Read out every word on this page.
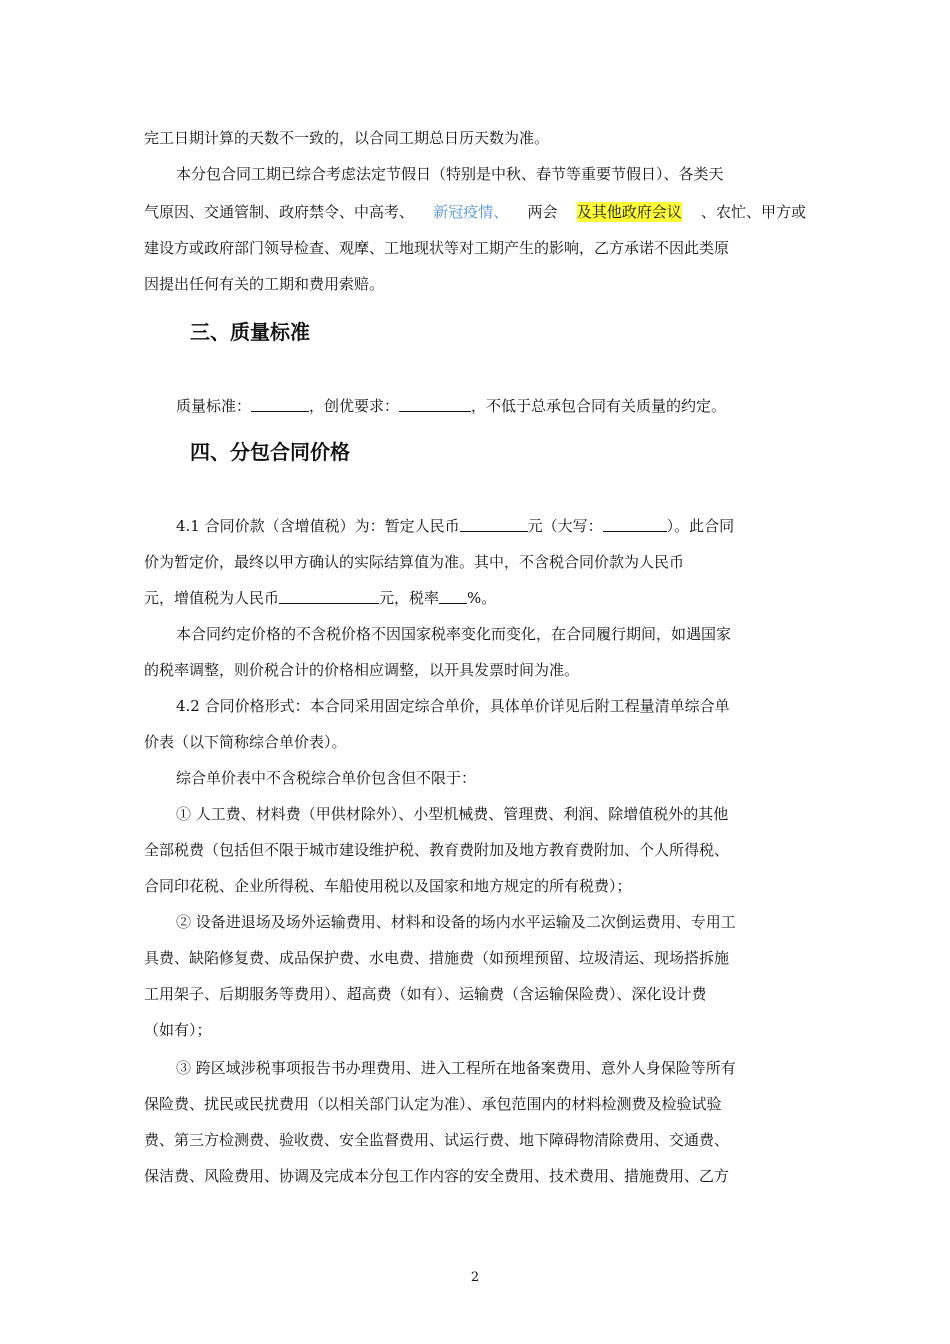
完工日期计算的天数不一致的，以合同工期总日历天数为准。
本分包合同工期已综合考虑法定节假日（特别是中秋、春节等重要节假日）、各类天
气原因、交通管制、政府禁令、中高考、 新冠疫情、 两会 及其他政府会议 、农忙、甲方或
建设方或政府部门领导检查、观摩、工地现状等对工期产生的影响，乙方承诺不因此类原
因提出任何有关的工期和费用索赔。
三、质量标准
质量标准：	，创优要求：	，不低于总承包合同有关质量的约定。
四、分包合同价格
4.1 合同价款（含增值税）为：暂定人民币	元（大写：	）。此合同
价为暂定价，最终以甲方确认的实际结算值为准。其中，不含税合同价款为人民币
元，增值税为人民币	元，税率 %。
本合同约定价格的不含税价格不因国家税率变化而变化，在合同履行期间，如遇国家
的税率调整，则价税合计的价格相应调整，以开具发票时间为准。
4.2 合同价格形式：本合同采用固定综合单价，具体单价详见后附工程量清单综合单
价表（以下简称综合单价表）。
综合单价表中不含税综合单价包含但不限于：
① 人工费、材料费（甲供材除外）、小型机械费、管理费、利润、除增值税外的其他
全部税费（包括但不限于城市建设维护税、教育费附加及地方教育费附加、个人所得税、
合同印花税、企业所得税、车船使用税以及国家和地方规定的所有税费）；
② 设备进退场及场外运输费用、材料和设备的场内水平运输及二次倒运费用、专用工
具费、缺陷修复费、成品保护费、水电费、措施费（如预埋预留、垃圾清运、现场搭拆施
工用架子、后期服务等费用）、超高费（如有）、运输费（含运输保险费）、深化设计费
（如有）；
③ 跨区域涉税事项报告书办理费用、进入工程所在地备案费用、意外人身保险等所有
保险费、扰民或民扰费用（以相关部门认定为准）、承包范围内的材料检测费及检验试验
费、第三方检测费、验收费、安全监督费用、试运行费、地下障碍物清除费用、交通费、
保洁费、风险费用、协调及完成本分包工作内容的安全费用、技术费用、措施费用、乙方
2
